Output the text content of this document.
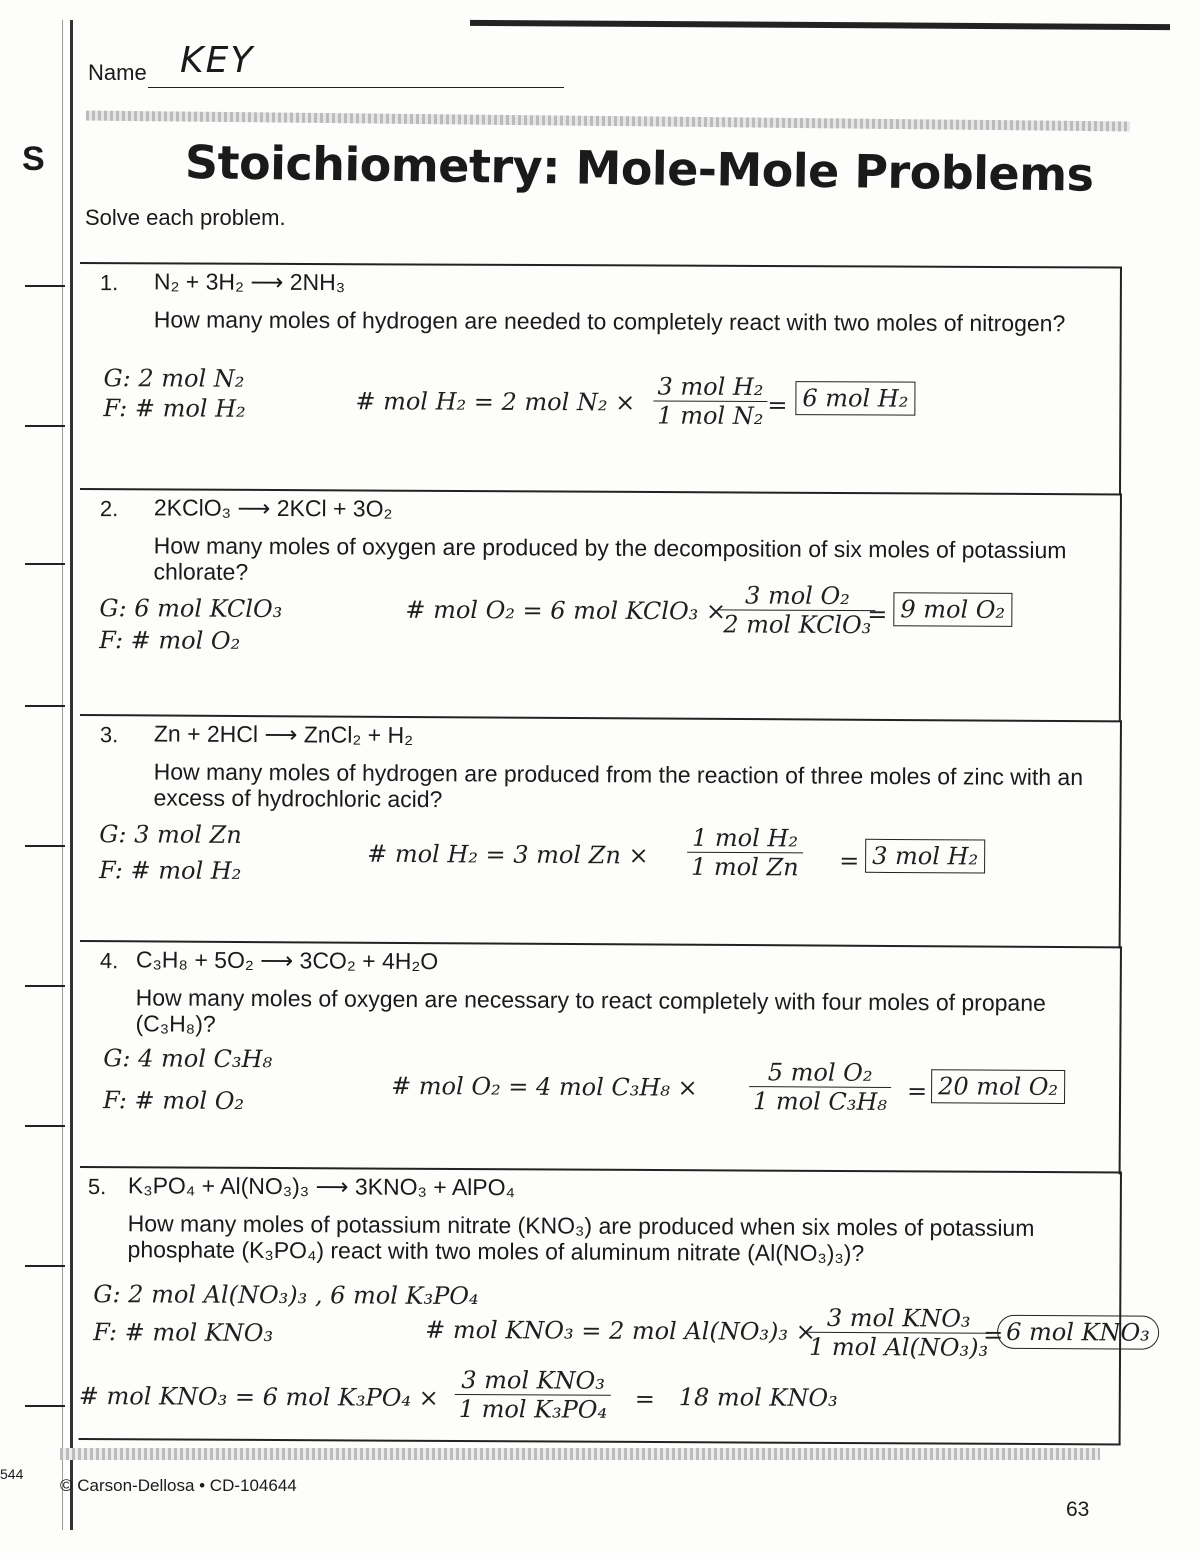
S
Name KEY
Stoichiometry: Mole-Mole Problems
Solve each problem.
1. N₂ + 3H₂ ⟶ 2NH₃
How many moles of hydrogen are needed to completely react with two moles of nitrogen?
G: 2 mol N₂
F: # mol H₂	# mol H₂ = 2 mol N₂ ×
3 mol H₂
1 mol N₂ = 6 mol H₂
2. 2KClO₃ ⟶ 2KCl + 3O₂
How many moles of oxygen are produced by the decomposition of six moles of potassium chlorate?
G: 6 mol KClO₃
F: # mol O₂
# mol O₂ = 6 mol KClO₃ × 3 mol O₂
2 mol KClO₃
= 9 mol O₂
3. Zn + 2HCl ⟶ ZnCl₂ + H₂
How many moles of hydrogen are produced from the reaction of three moles of zinc with an excess of hydrochloric acid?
G: 3 mol Zn
F: # mol H₂
# mol H₂ = 3 mol Zn ×
1 mol H₂
1 mol Zn = 3 mol H₂
4. C₃H₈ + 5O₂ ⟶ 3CO₂ + 4H₂O
How many moles of oxygen are necessary to react completely with four moles of propane (C₃H₈)?
G: 4 mol C₃H₈
F: # mol O₂	# mol O₂ = 4 mol C₃H₈ ×	5 mol O₂
1 mol C₃H₈ = 20 mol O₂
5. K₃PO₄ + Al(NO₃)₃ ⟶ 3KNO₃ + AlPO₄
How many moles of potassium nitrate (KNO₃) are produced when six moles of potassium phosphate (K₃PO₄) react with two moles of aluminum nitrate (Al(NO₃)₃)?
G: 2 mol Al(NO₃)₃ , 6 mol K₃PO₄
F: # mol KNO₃	# mol KNO₃ = 2 mol Al(NO₃)₃ × 3 mol KNO₃
1 mol Al(NO₃)₃
= 6 mol KNO₃
# mol KNO₃ = 6 mol K₃PO₄ ×
3 mol KNO₃
1 mol K₃PO₄ = 18 mol KNO₃
544
© Carson-Dellosa • CD-104644
63
